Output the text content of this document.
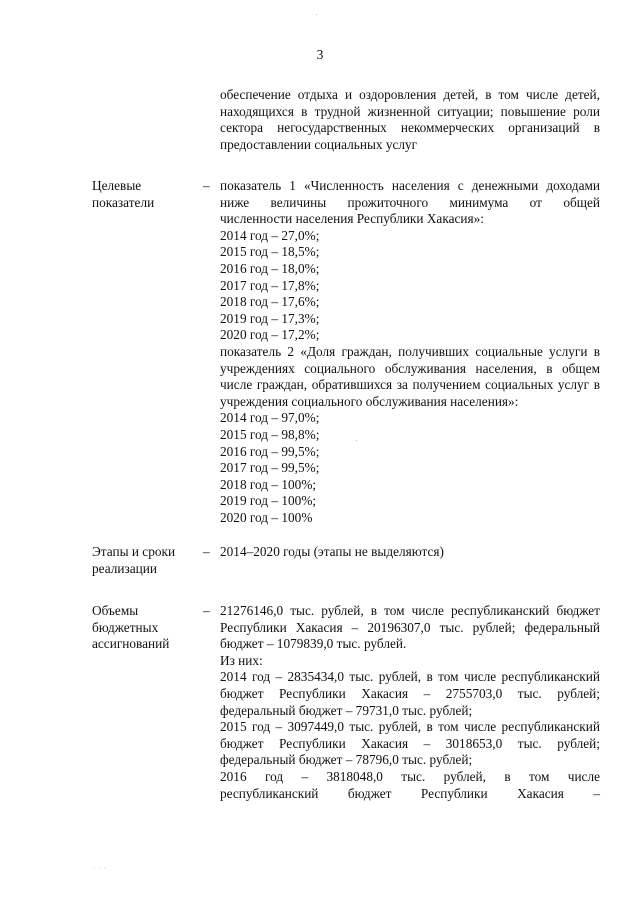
3
обеспечение отдыха и оздоровления детей, в том числе детей, находящихся в трудной жизненной ситуации; повышение роли сектора негосударственных некоммерческих организаций в предоставлении социальных услуг
Целевые показатели
– показатель 1 «Численность населения с денежными доходами
ниже величины прожиточного минимума от общей
численности населения Республики Хакасия»:
2014 год – 27,0%;
2015 год – 18,5%;
2016 год – 18,0%;
2017 год – 17,8%;
2018 год – 17,6%;
2019 год – 17,3%;
2020 год – 17,2%;
показатель 2 «Доля граждан, получивших социальные услуги в учреждениях социального обслуживания населения, в общем числе граждан, обратившихся за получением социальных услуг в учреждения социального обслуживания населения»:
2014 год – 97,0%;
2015 год – 98,8%;
2016 год – 99,5%;
2017 год – 99,5%;
2018 год – 100%;
2019 год – 100%;
2020 год – 100%
Этапы и сроки реализации
– 2014–2020 годы (этапы не выделяются)
Объемы бюджетных ассигнований
– 21276146,0 тыс. рублей, в том числе республиканский бюджет Республики Хакасия – 20196307,0 тыс. рублей; федеральный бюджет – 1079839,0 тыс. рублей.
Из них:
2014 год – 2835434,0 тыс. рублей, в том числе республиканский бюджет Республики Хакасия – 2755703,0 тыс. рублей; федеральный бюджет – 79731,0 тыс. рублей;
2015 год – 3097449,0 тыс. рублей, в том числе республиканский бюджет Республики Хакасия – 3018653,0 тыс. рублей; федеральный бюджет – 78796,0 тыс. рублей;
2016 год – 3818048,0 тыс. рублей, в том числе
республиканский бюджет Республики Хакасия –
· · ·
